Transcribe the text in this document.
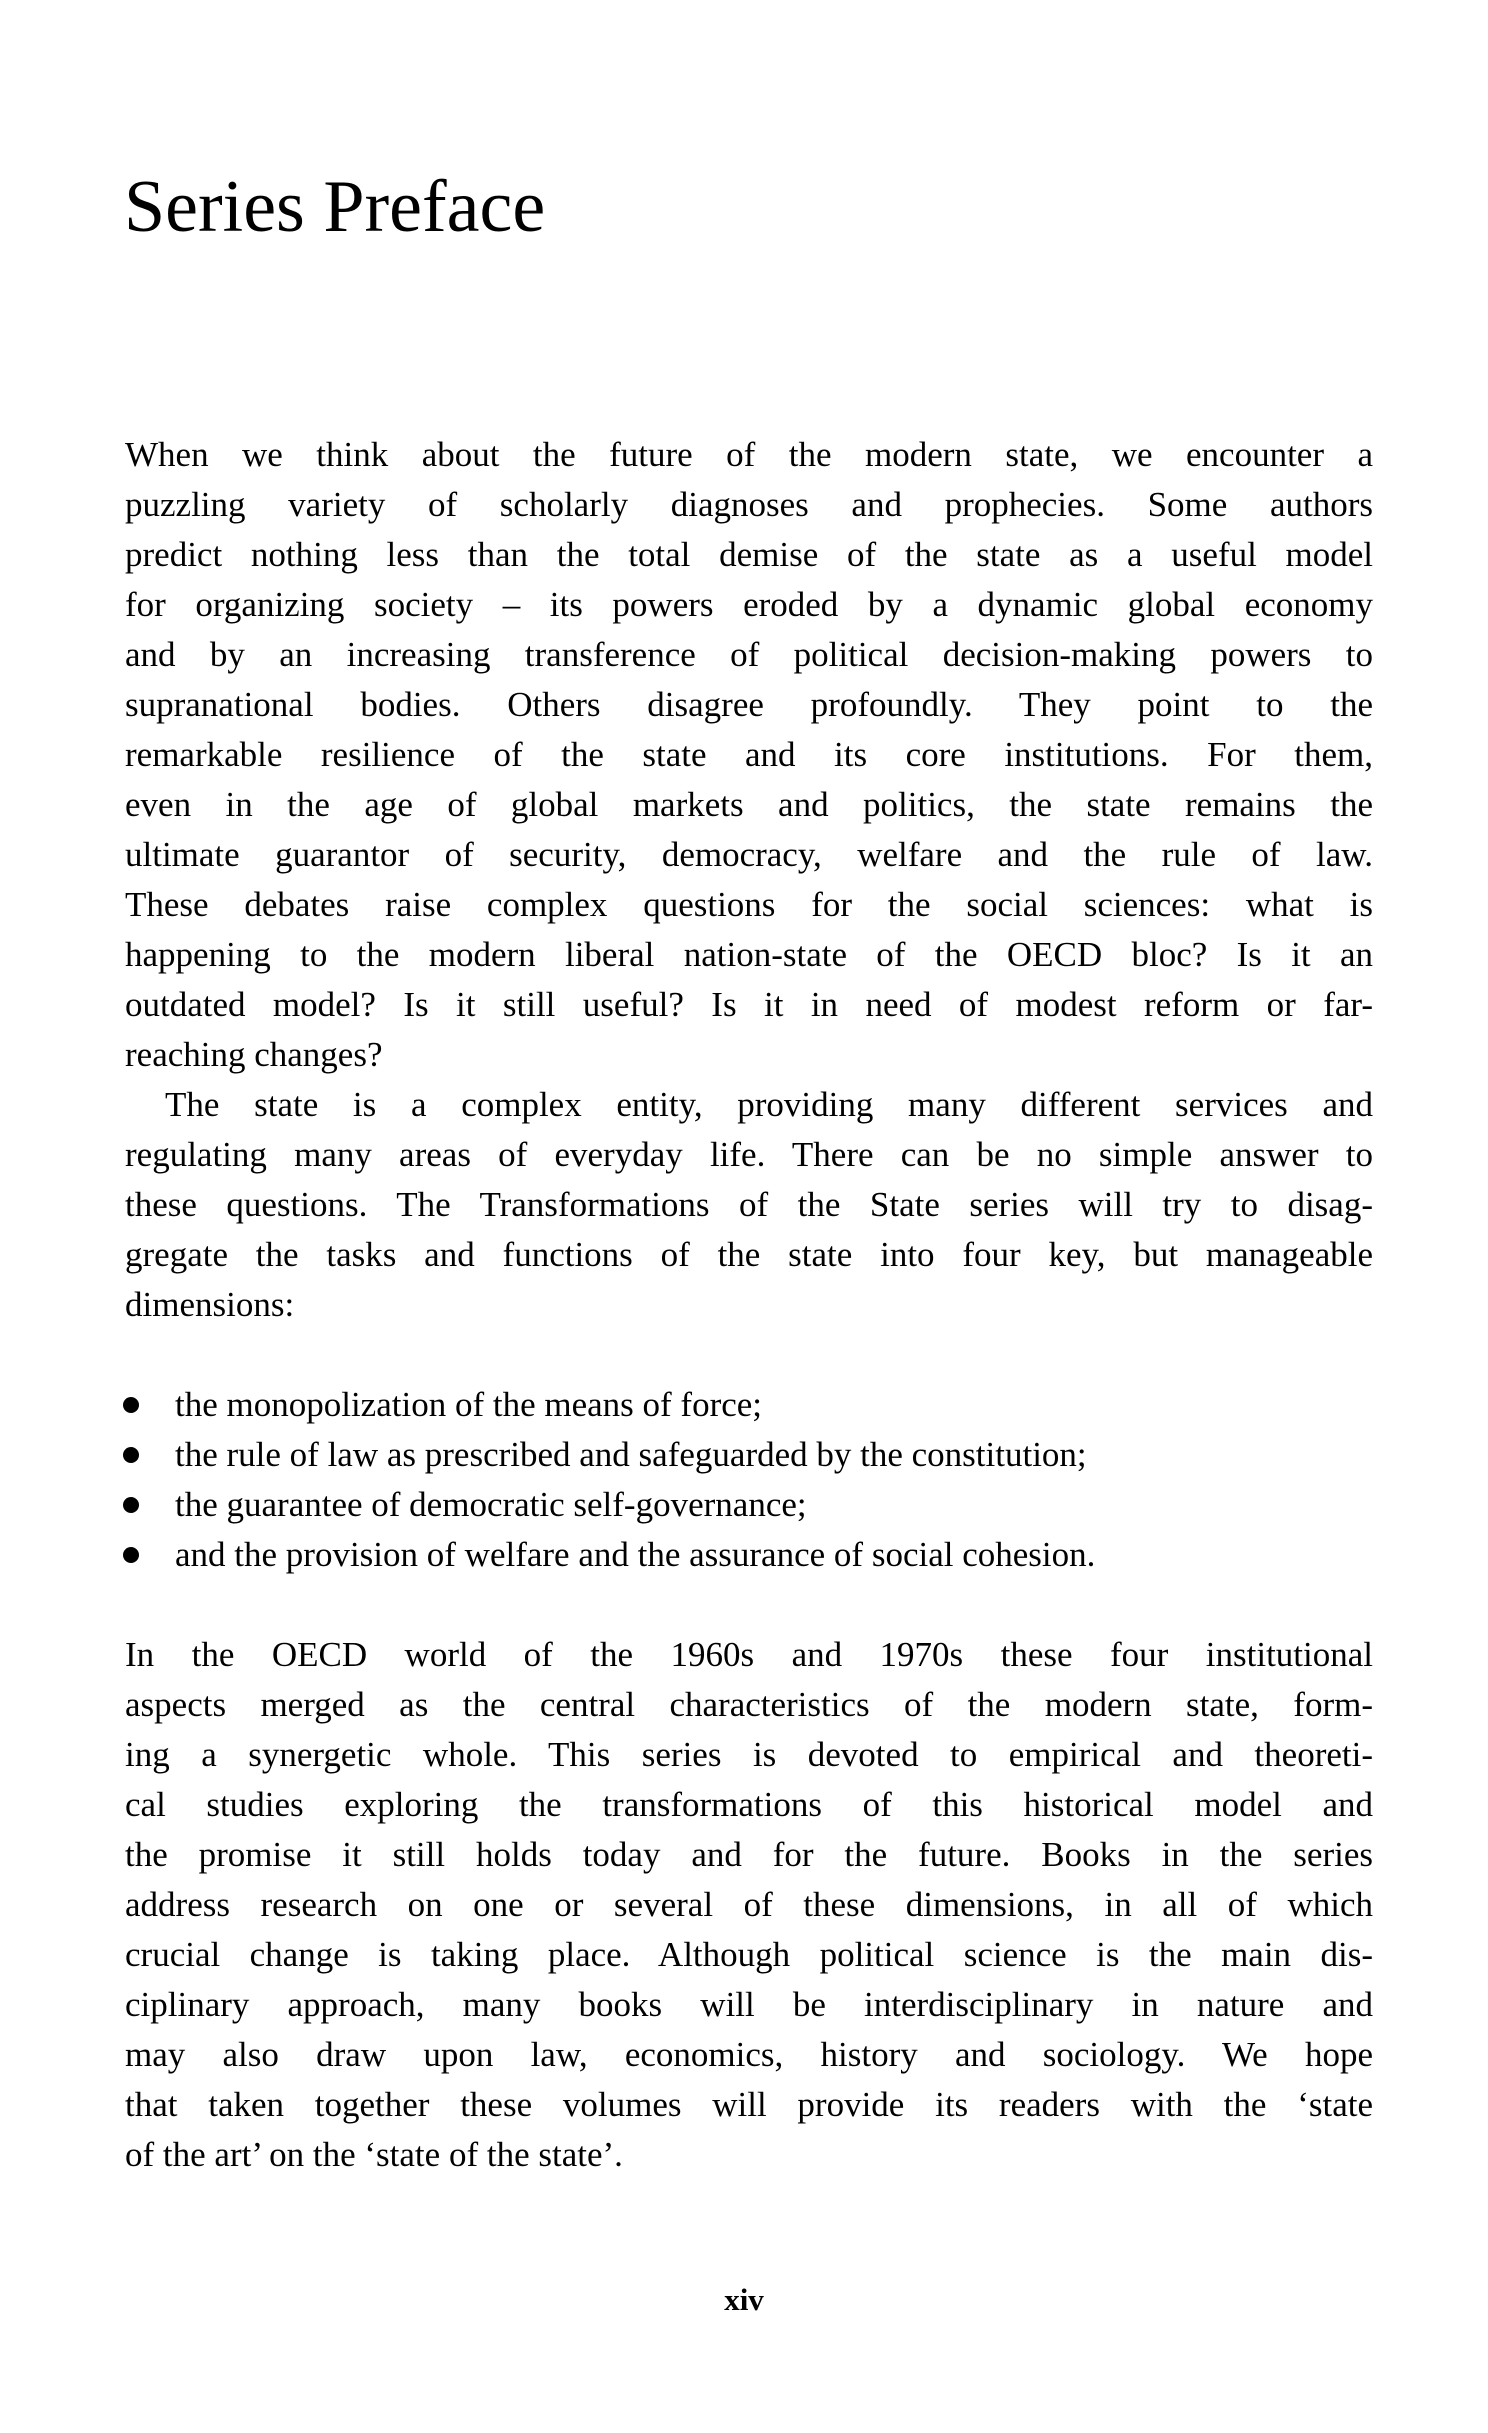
Series Preface
When we think about the future of the modern state, we encounter a
puzzling variety of scholarly diagnoses and prophecies. Some authors
predict nothing less than the total demise of the state as a useful model
for organizing society – its powers eroded by a dynamic global economy
and by an increasing transference of political decision-making powers to
supranational bodies. Others disagree profoundly. They point to the
remarkable resilience of the state and its core institutions. For them,
even in the age of global markets and politics, the state remains the
ultimate guarantor of security, democracy, welfare and the rule of law.
These debates raise complex questions for the social sciences: what is
happening to the modern liberal nation-state of the OECD bloc? Is it an
outdated model? Is it still useful? Is it in need of modest reform or far-
reaching changes?
The state is a complex entity, providing many different services and
regulating many areas of everyday life. There can be no simple answer to
these questions. The Transformations of the State series will try to disag-
gregate the tasks and functions of the state into four key, but manageable
dimensions:
the monopolization of the means of force;
the rule of law as prescribed and safeguarded by the constitution;
the guarantee of democratic self-governance;
and the provision of welfare and the assurance of social cohesion.
In the OECD world of the 1960s and 1970s these four institutional
aspects merged as the central characteristics of the modern state, form-
ing a synergetic whole. This series is devoted to empirical and theoreti-
cal studies exploring the transformations of this historical model and
the promise it still holds today and for the future. Books in the series
address research on one or several of these dimensions, in all of which
crucial change is taking place. Although political science is the main dis-
ciplinary approach, many books will be interdisciplinary in nature and
may also draw upon law, economics, history and sociology. We hope
that taken together these volumes will provide its readers with the ‘state
of the art’ on the ‘state of the state’.
xiv
